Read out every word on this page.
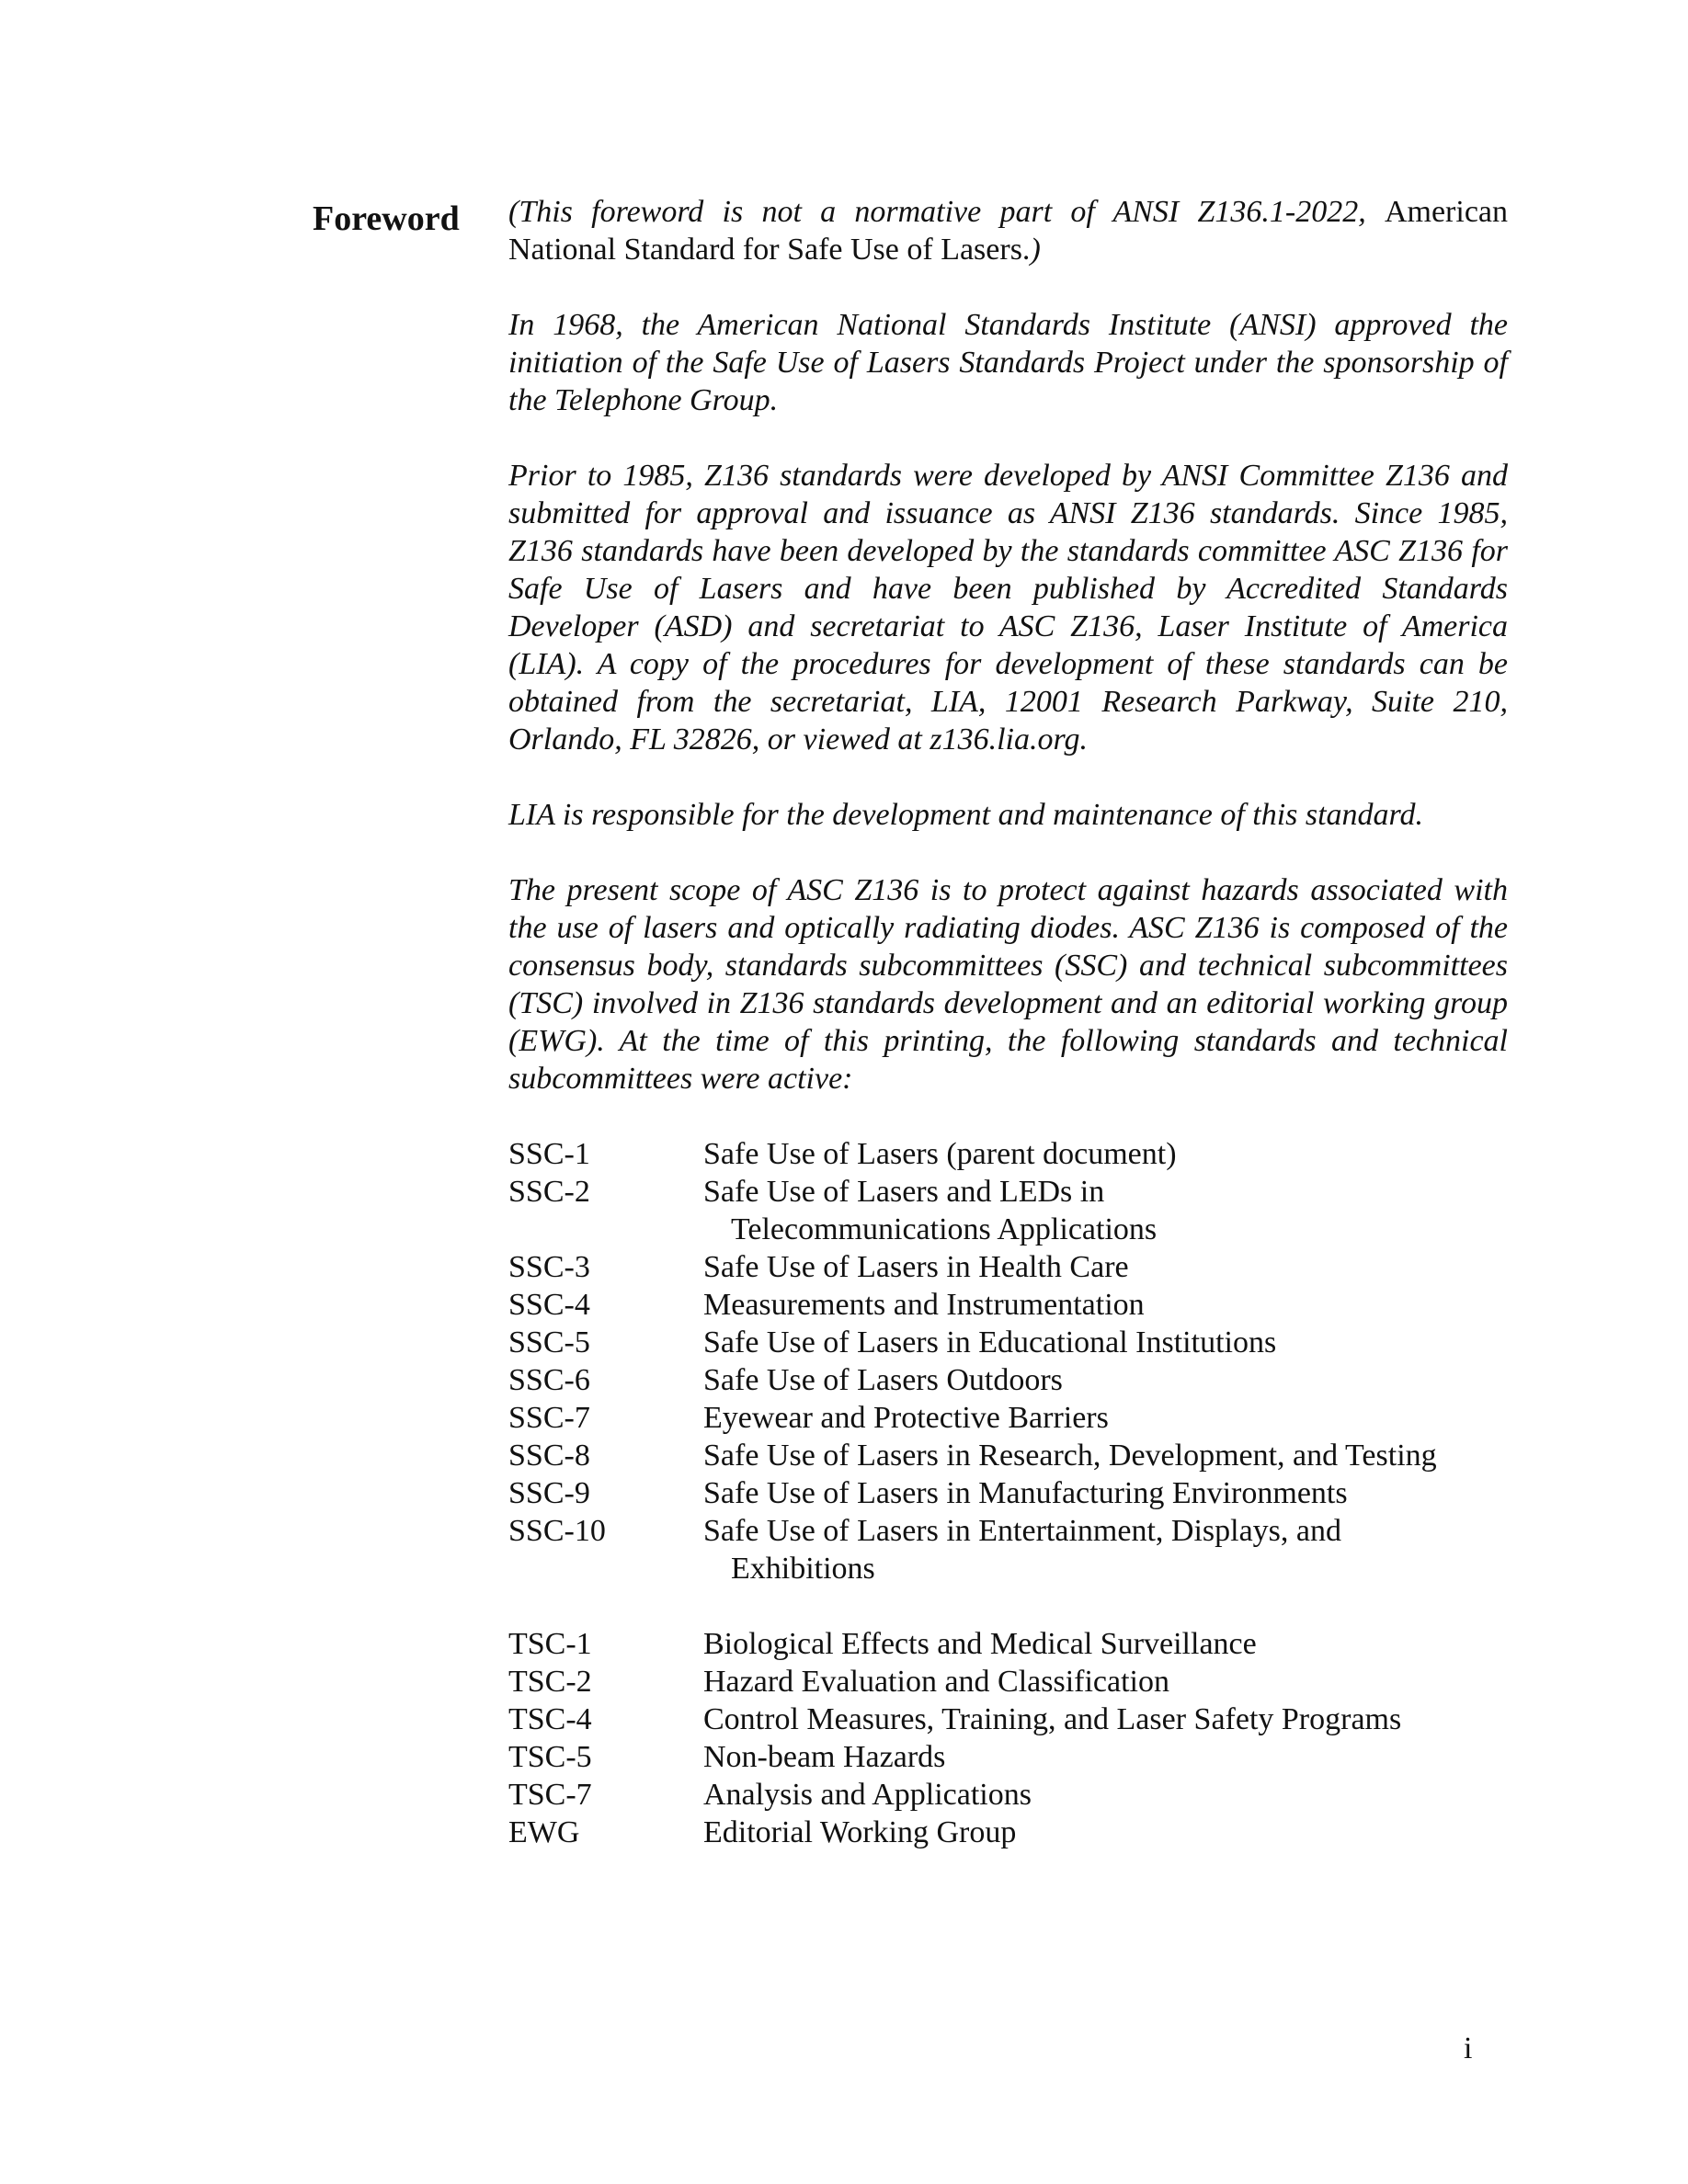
Foreword (This foreword is not a normative part of ANSI Z136.1-2022, American National Standard for Safe Use of Lasers.)

In 1968, the American National Standards Institute (ANSI) approved the initiation of the Safe Use of Lasers Standards Project under the sponsorship of the Telephone Group.

Prior to 1985, Z136 standards were developed by ANSI Committee Z136 and submitted for approval and issuance as ANSI Z136 standards. Since 1985, Z136 standards have been developed by the standards committee ASC Z136 for Safe Use of Lasers and have been published by Accredited Standards Developer (ASD) and secretariat to ASC Z136, Laser Institute of America (LIA). A copy of the procedures for development of these standards can be obtained from the secretariat, LIA, 12001 Research Parkway, Suite 210, Orlando, FL 32826, or viewed at z136.lia.org.

LIA is responsible for the development and maintenance of this standard.

The present scope of ASC Z136 is to protect against hazards associated with the use of lasers and optically radiating diodes. ASC Z136 is composed of the consensus body, standards subcommittees (SSC) and technical subcommittees (TSC) involved in Z136 standards development and an editorial working group (EWG). At the time of this printing, the following standards and technical subcommittees were active:

SSC-1	Safe Use of Lasers (parent document)
SSC-2	Safe Use of Lasers and LEDs in
Telecommunications Applications
SSC-3	Safe Use of Lasers in Health Care
SSC-4	Measurements and Instrumentation
SSC-5	Safe Use of Lasers in Educational Institutions
SSC-6	Safe Use of Lasers Outdoors
SSC-7	Eyewear and Protective Barriers
SSC-8	Safe Use of Lasers in Research, Development, and Testing
SSC-9	Safe Use of Lasers in Manufacturing Environments
SSC-10	Safe Use of Lasers in Entertainment, Displays, and
Exhibitions
TSC-1	Biological Effects and Medical Surveillance
TSC-2	Hazard Evaluation and Classification
TSC-4	Control Measures, Training, and Laser Safety Programs
TSC-5	Non-beam Hazards
TSC-7	Analysis and Applications
EWG	Editorial Working Group
i
